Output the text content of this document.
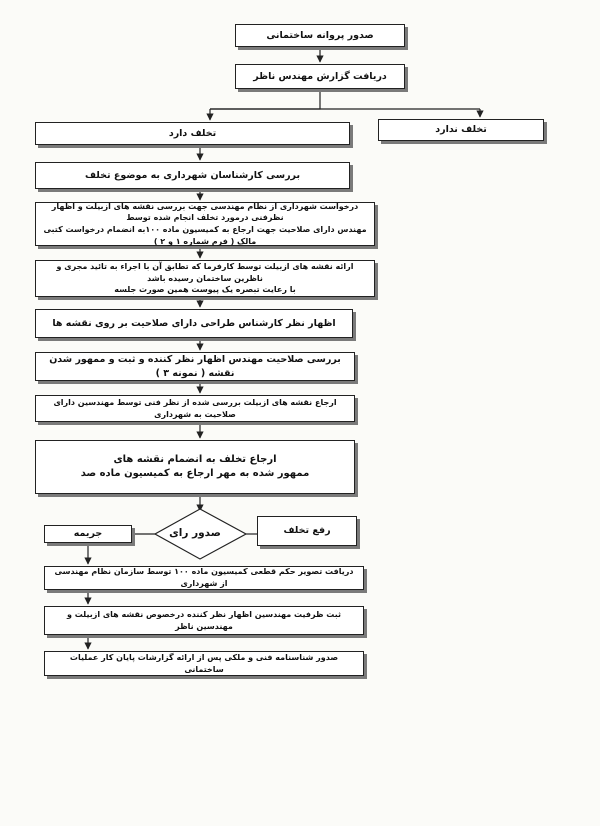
صدور پروانه ساختمانی
دریافت گزارش مهندس ناظر
تخلف دارد	تخلف ندارد
بررسی کارشناسان شهرداری به موضوع تخلف
درخواست شهرداری از نظام مهندسی جهت بررسی نقشه های ازبیلت و اظهار نظرفنی درمورد تخلف انجام شده توسط
مهندس دارای صلاحیت جهت ارجاع به کمیسیون ماده ۱۰۰به انضمام درخواست کتبی مالک ( فرم شماره ۱ و ۲ )
ارائه نقشه های ازبیلت توسط کارفرما که تطابق آن با اجراء به تائید مجری و ناظرین ساختمان رسیده باشد
با رعایت تبصره یک پیوست همین صورت جلسه
اظهار نظر کارشناس طراحی دارای صلاحیت بر روی نقشه ها
بررسی صلاحیت مهندس اظهار نظر کننده و ثبت و ممهور شدن نقشه ( نمونه ۳ )
ارجاع نقشه های ازبیلت بررسی شده از نظر فنی توسط مهندسین دارای صلاحیت به شهرداری
ارجاع تخلف به انضمام نقشه های
ممهور شده به مهر ارجاع به کمیسیون ماده صد
صدور رای
جریمه	رفع تخلف
دریافت تصویر حکم قطعی کمیسیون ماده ۱۰۰ توسط سازمان نظام مهندسی از شهرداری
ثبت ظرفیت مهندسین اظهار نظر کننده درخصوص نقشه های ازبیلت و مهندسین ناظر
صدور شناسنامه فنی و ملکی پس از ارائه گزارشات پایان کار عملیات ساختمانی
